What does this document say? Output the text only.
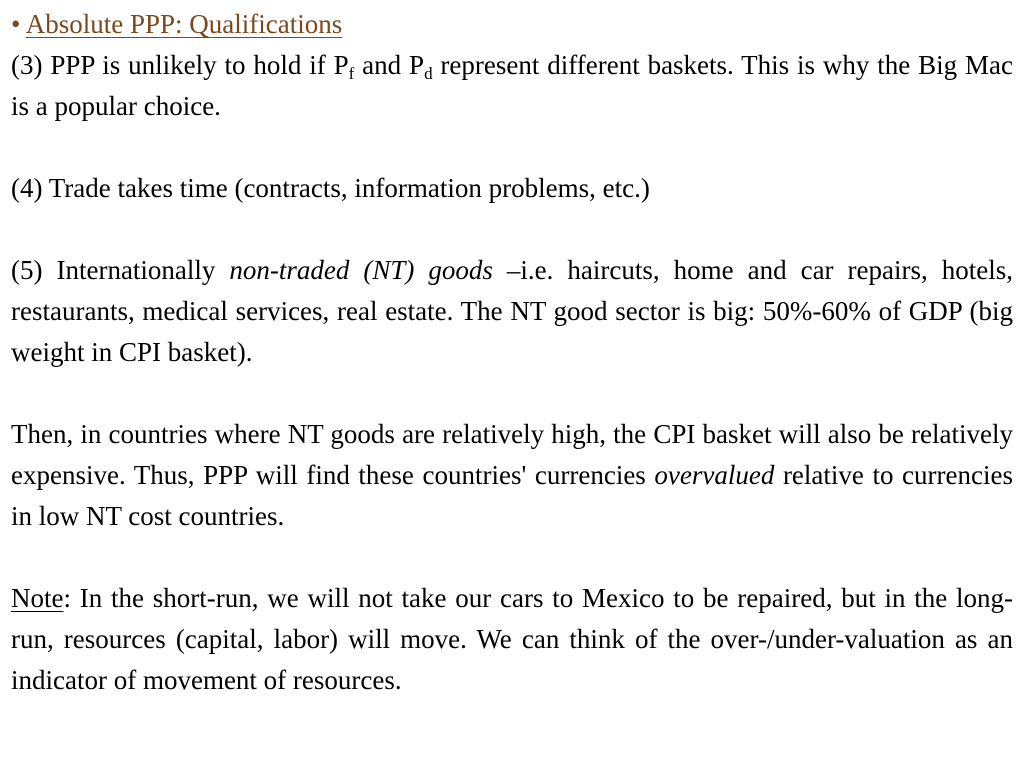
• Absolute PPP: Qualifications

(3) PPP is unlikely to hold if $P_f$ and $P_d$ represent different baskets. This is why the Big Mac is a popular choice.

(4) Trade takes time (contracts, information problems, etc.)

(5) Internationally non-traded (NT) goods –i.e. haircuts, home and car repairs, hotels, restaurants, medical services, real estate. The NT good sector is big: 50%-60% of GDP (big weight in CPI basket).

Then, in countries where NT goods are relatively high, the CPI basket will also be relatively expensive. Thus, PPP will find these countries' currencies overvalued relative to currencies in low NT cost countries.

Note: In the short-run, we will not take our cars to Mexico to be repaired, but in the long-run, resources (capital, labor) will move. We can think of the over-/under-valuation as an indicator of movement of resources.
